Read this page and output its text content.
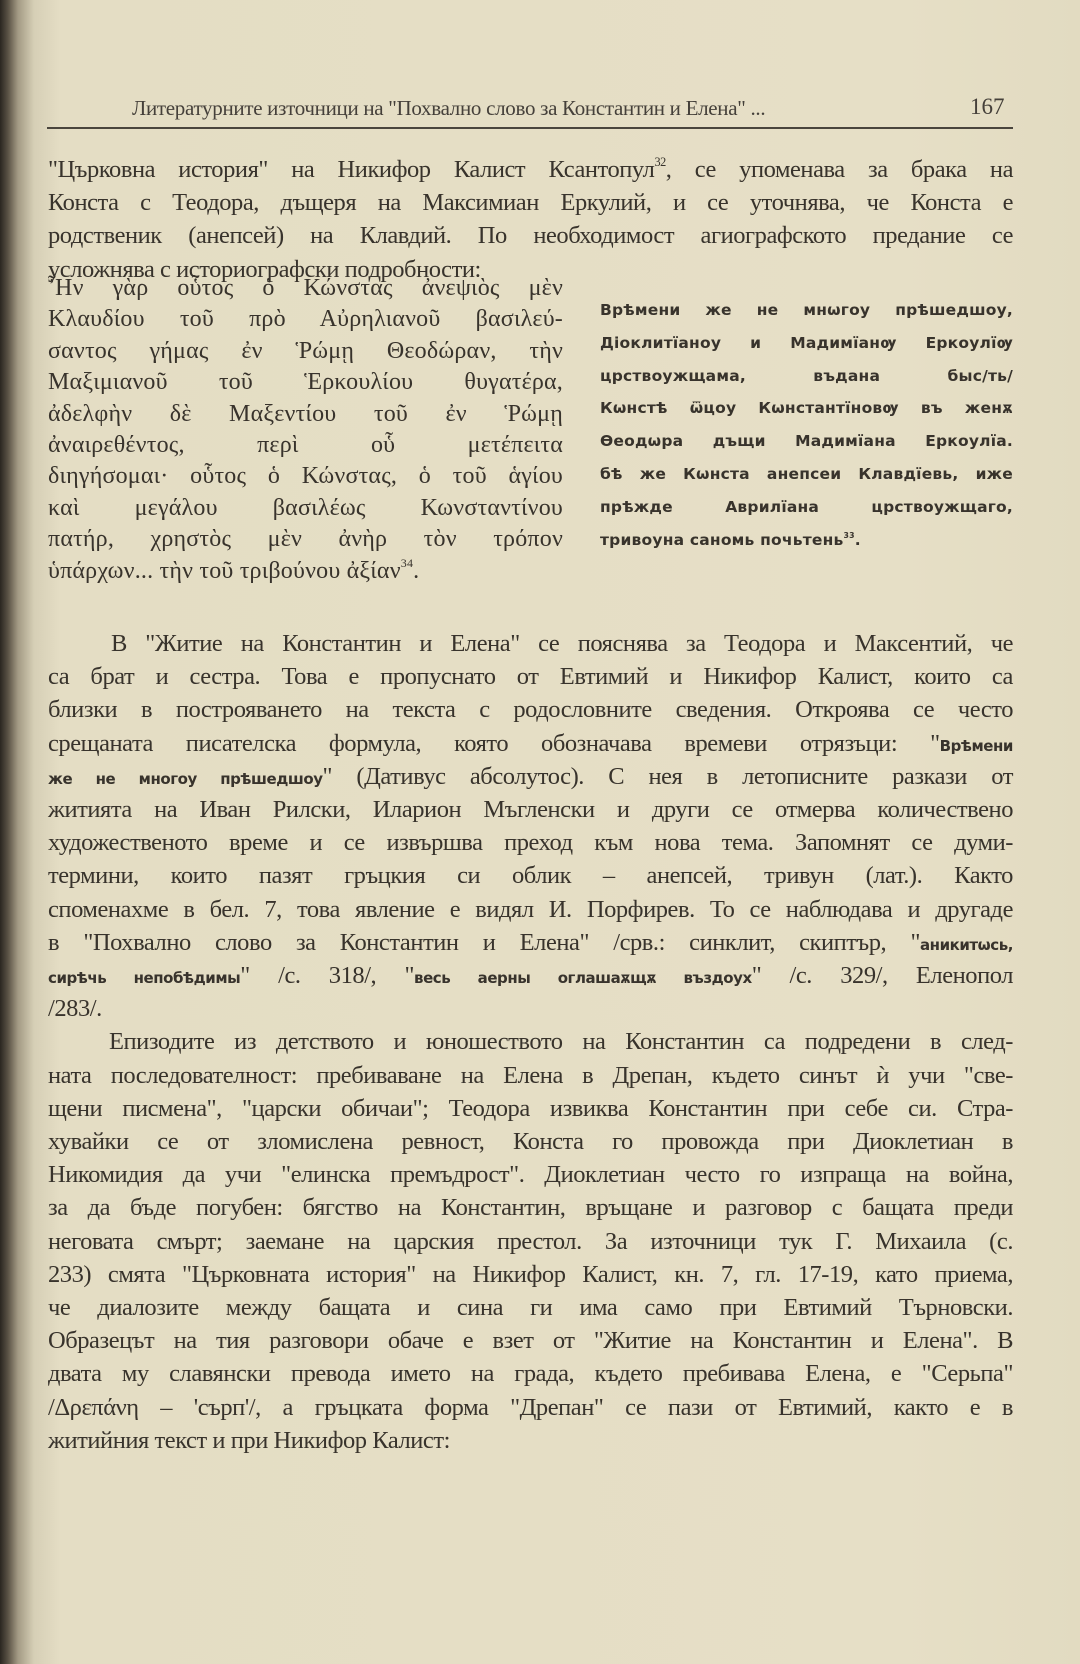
Литературните източници на "Похвално слово за Константин и Елена" ...	167
"Църковна история" на Никифор Калист Ксантопул$^{32}$, се упоменава за брака на
Конста с Теодора, дъщеря на Максимиан Еркулий, и се уточнява, че Конста е
родственик (анепсей) на Клавдий. По необходимост агиографското предание се
усложнява с историографски подробности:
Ἦν γὰρ οὗτος ὁ Κώνστας ἀνεψιὸς μὲν
Κλαυδίου τοῦ πρὸ Αὐρηλιανοῦ βασιλεύ-
σαντος γήμας ἐν Ῥώμῃ Θεοδώραν, τὴν
Μαξιμιανοῦ τοῦ Ἑρκουλίου θυγατέρα,
ἀδελφὴν δὲ Μαξεντίου τοῦ ἐν Ῥώμῃ
ἀναιρεθέντος, περὶ οὗ μετέπειτα
διηγήσομαι· οὗτος ὁ Κώνστας, ὁ τοῦ ἁγίου
καὶ μεγάλου βασιλέως Κωνσταντίνου
πατήρ, χρηστὸς μὲν ἀνὴρ τὸν τρόπον
ὑπάρχων... τὴν τοῦ τριβούνου ἀξίαν$^{34}$.
Врѣмени же не мнѡгоу прѣшедшоу,
Діоклитїаноу и Мадимїанѹ Еркоулїѹ
црствоужщама, въдана быс/ть/
Кѡнстѣ ѿцоу Кѡнстантїновѹ въ женѫ
Ѳеодѡра дъщи Мадимїана Еркоулїа.
бѣ же Кѡнста анепсеи Клавдїевь, иже
прѣжде Аврилїана црствоужщаго,
тривоуна саномь почьтень$^{33}$.
В "Житие на Константин и Елена" се пояснява за Теодора и Максентий, че
са брат и сестра. Това е пропуснато от Евтимий и Никифор Калист, които са
близки в построяването на текста с родословните сведения. Откроява се често
срещаната писателска формула, която обозначава времеви отрязъци: "Врѣмени
же не многоу прѣшедшоу" (Дативус абсолутос). С нея в летописните разкази от
житията на Иван Рилски, Иларион Мъгленски и други се отмерва количествено
художественото време и се извършва преход към нова тема. Запомнят се думи-
термини, които пазят гръцкия си облик – анепсей, тривун (лат.). Както
споменахме в бел. 7, това явление е видял И. Порфирев. То се наблюдава и другаде
в "Похвално слово за Константин и Елена" /срв.: синклит, скиптър, "аникитѡсь,
сирѣчь непобѣдимы" /с. 318/, "весь аерны оглашаѫщѫ въздоух" /с. 329/, Еленопол
/283/.
Епизодите из детството и юношеството на Константин са подредени в след-
ната последователност: пребиваване на Елена в Дрепан, където синът ѝ учи "све-
щени писмена", "царски обичаи"; Теодора извиква Константин при себе си. Стра-
хувайки се от зломислена ревност, Конста го провожда при Диоклетиан в
Никомидия да учи "елинска премъдрост". Диоклетиан често го изпраща на война,
за да бъде погубен: бягство на Константин, връщане и разговор с бащата преди
неговата смърт; заемане на царския престол. За източници тук Г. Михаила (с.
233) смята "Църковната история" на Никифор Калист, кн. 7, гл. 17-19, като приема,
че диалозите между бащата и сина ги има само при Евтимий Търновски.
Образецът на тия разговори обаче е взет от "Житие на Константин и Елена". В
двата му славянски превода името на града, където пребивава Елена, е "Серьпа"
/Δρεπάνη – 'сърп'/, а гръцката форма "Дрепан" се пази от Евтимий, както е в
житийния текст и при Никифор Калист:
